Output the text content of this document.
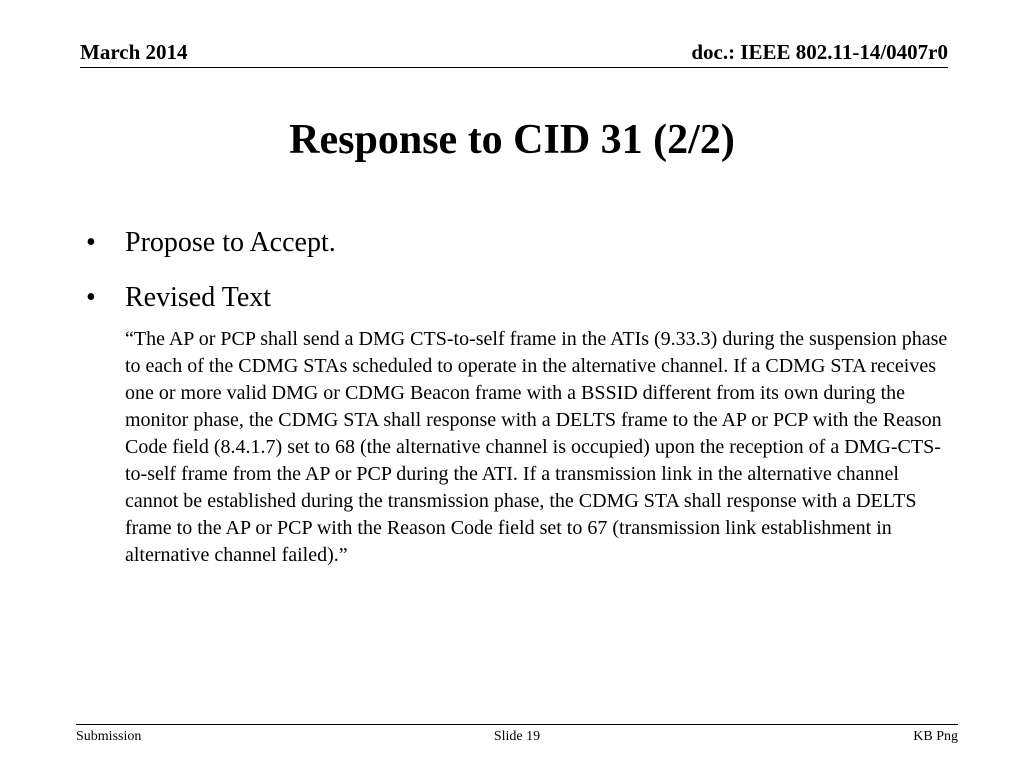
March 2014	doc.: IEEE 802.11-14/0407r0
Response to CID 31 (2/2)
• Propose to Accept.
• Revised Text

“The AP or PCP shall send a DMG CTS-to-self frame in the ATIs (9.33.3) during the suspension phase to each of the CDMG STAs scheduled to operate in the alternative channel. If a CDMG STA receives one or more valid DMG or CDMG Beacon frame with a BSSID different from its own during the monitor phase, the CDMG STA shall response with a DELTS frame to the AP or PCP with the Reason Code field (8.4.1.7) set to 68 (the alternative channel is occupied) upon the reception of a DMG-CTS-to-self frame from the AP or PCP during the ATI. If a transmission link in the alternative channel cannot be established during the transmission phase, the CDMG STA shall response with a DELTS frame to the AP or PCP with the Reason Code field set to 67 (transmission link establishment in alternative channel failed).”

Submission	Slide 19	KB Png
